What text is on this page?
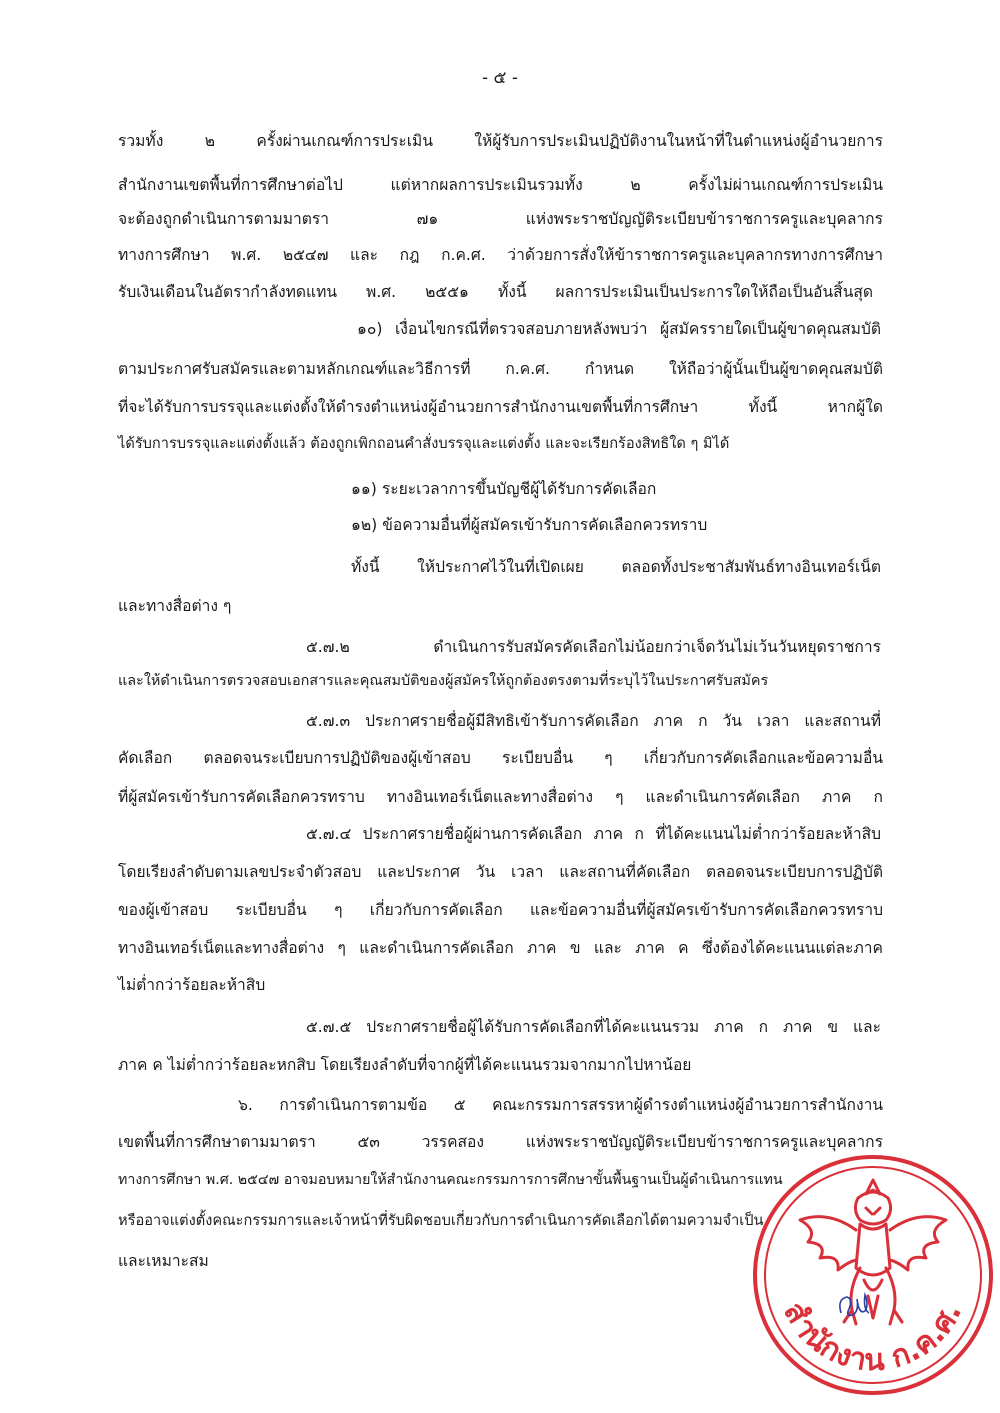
- ๕ -
รวมทั้ง ๒ ครั้งผ่านเกณฑ์การประเมิน ให้ผู้รับการประเมินปฏิบัติงานในหน้าที่ในตำแหน่งผู้อำนวยการ
สำนักงานเขตพื้นที่การศึกษาต่อไป แต่หากผลการประเมินรวมทั้ง ๒ ครั้งไม่ผ่านเกณฑ์การประเมิน
จะต้องถูกดำเนินการตามมาตรา ๗๑ แห่งพระราชบัญญัติระเบียบข้าราชการครูและบุคลากร
ทางการศึกษา พ.ศ. ๒๕๔๗ และ กฎ ก.ค.ศ. ว่าด้วยการสั่งให้ข้าราชการครูและบุคลากรทางการศึกษา
รับเงินเดือนในอัตรากำลังทดแทน พ.ศ. ๒๕๕๑ ทั้งนี้ ผลการประเมินเป็นประการใดให้ถือเป็นอันสิ้นสุด
๑๐) เงื่อนไขกรณีที่ตรวจสอบภายหลังพบว่า ผู้สมัครรายใดเป็นผู้ขาดคุณสมบัติ
ตามประกาศรับสมัครและตามหลักเกณฑ์และวิธีการที่ ก.ค.ศ. กำหนด ให้ถือว่าผู้นั้นเป็นผู้ขาดคุณสมบัติ
ที่จะได้รับการบรรจุและแต่งตั้งให้ดำรงตำแหน่งผู้อำนวยการสำนักงานเขตพื้นที่การศึกษา ทั้งนี้ หากผู้ใด
ได้รับการบรรจุและแต่งตั้งแล้ว ต้องถูกเพิกถอนคำสั่งบรรจุและแต่งตั้ง และจะเรียกร้องสิทธิใด ๆ มิได้
๑๑) ระยะเวลาการขึ้นบัญชีผู้ได้รับการคัดเลือก
๑๒) ข้อความอื่นที่ผู้สมัครเข้ารับการคัดเลือกควรทราบ
ทั้งนี้ ให้ประกาศไว้ในที่เปิดเผย ตลอดทั้งประชาสัมพันธ์ทางอินเทอร์เน็ต
และทางสื่อต่าง ๆ
๕.๗.๒ ดำเนินการรับสมัครคัดเลือกไม่น้อยกว่าเจ็ดวันไม่เว้นวันหยุดราชการ
และให้ดำเนินการตรวจสอบเอกสารและคุณสมบัติของผู้สมัครให้ถูกต้องตรงตามที่ระบุไว้ในประกาศรับสมัคร
๕.๗.๓ ประกาศรายชื่อผู้มีสิทธิเข้ารับการคัดเลือก ภาค ก วัน เวลา และสถานที่
คัดเลือก ตลอดจนระเบียบการปฏิบัติของผู้เข้าสอบ ระเบียบอื่น ๆ เกี่ยวกับการคัดเลือกและข้อความอื่น
ที่ผู้สมัครเข้ารับการคัดเลือกควรทราบ ทางอินเทอร์เน็ตและทางสื่อต่าง ๆ และดำเนินการคัดเลือก ภาค ก
๕.๗.๔ ประกาศรายชื่อผู้ผ่านการคัดเลือก ภาค ก ที่ได้คะแนนไม่ต่ำกว่าร้อยละห้าสิบ
โดยเรียงลำดับตามเลขประจำตัวสอบ และประกาศ วัน เวลา และสถานที่คัดเลือก ตลอดจนระเบียบการปฏิบัติ
ของผู้เข้าสอบ ระเบียบอื่น ๆ เกี่ยวกับการคัดเลือก และข้อความอื่นที่ผู้สมัครเข้ารับการคัดเลือกควรทราบ
ทางอินเทอร์เน็ตและทางสื่อต่าง ๆ และดำเนินการคัดเลือก ภาค ข และ ภาค ค ซึ่งต้องได้คะแนนแต่ละภาค
ไม่ต่ำกว่าร้อยละห้าสิบ
๕.๗.๕ ประกาศรายชื่อผู้ได้รับการคัดเลือกที่ได้คะแนนรวม ภาค ก ภาค ข และ
ภาค ค ไม่ต่ำกว่าร้อยละหกสิบ โดยเรียงลำดับที่จากผู้ที่ได้คะแนนรวมจากมากไปหาน้อย
๖. การดำเนินการตามข้อ ๕ คณะกรรมการสรรหาผู้ดำรงตำแหน่งผู้อำนวยการสำนักงาน
เขตพื้นที่การศึกษาตามมาตรา ๕๓ วรรคสอง แห่งพระราชบัญญัติระเบียบข้าราชการครูและบุคลากร
ทางการศึกษา พ.ศ. ๒๕๔๗ อาจมอบหมายให้สำนักงานคณะกรรมการการศึกษาขั้นพื้นฐานเป็นผู้ดำเนินการแทน
หรืออาจแต่งตั้งคณะกรรมการและเจ้าหน้าที่รับผิดชอบเกี่ยวกับการดำเนินการคัดเลือกได้ตามความจำเป็น
และเหมาะสม
สำนักงาน ก.ค.ศ.
